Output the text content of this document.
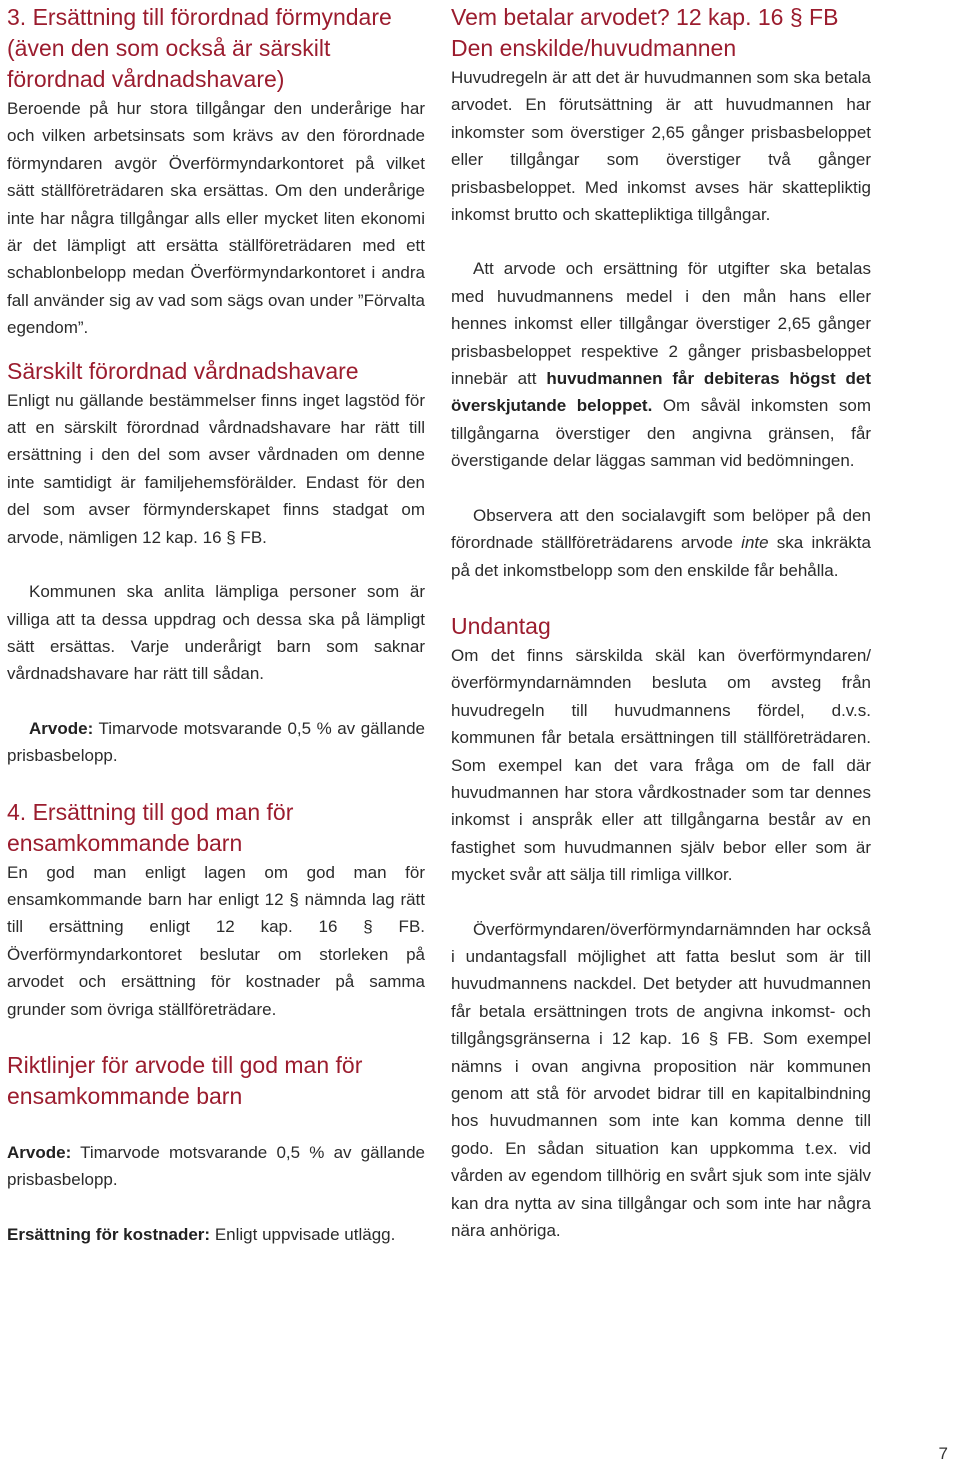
3. Ersättning till förordnad förmyndare (även den som också är särskilt förordnad vårdnadshavare)

Beroende på hur stora tillgångar den underårige har och vilken arbetsinsats som krävs av den förordnade förmyndaren avgör Överförmyndarkontoret på vilket sätt ställföreträdaren ska ersättas. Om den underårige inte har några tillgångar alls eller mycket liten ekonomi är det lämpligt att ersätta ställföreträdaren med ett schablonbelopp medan Överförmyndarkontoret i andra fall använder sig av vad som sägs ovan under ”Förvalta egendom”.

Särskilt förordnad vårdnadshavare

Enligt nu gällande bestämmelser finns inget lagstöd för att en särskilt förordnad vårdnadshavare har rätt till ersättning i den del som avser vårdnaden om denne inte samtidigt är familjehemsförälder. Endast för den del som avser förmynderskapet finns stadgat om arvode, nämligen 12 kap. 16 § FB.

Kommunen ska anlita lämpliga personer som är villiga att ta dessa uppdrag och dessa ska på lämpligt sätt ersättas. Varje underårigt barn som saknar vårdnadshavare har rätt till sådan.

Arvode: Timarvode motsvarande 0,5 % av gällande prisbasbelopp.

4. Ersättning till god man för ensamkommande barn

En god man enligt lagen om god man för ensamkommande barn har enligt 12 § nämnda lag rätt till ersättning enligt 12 kap. 16 § FB. Överförmyndarkontoret beslutar om storleken på arvodet och ersättning för kostnader på samma grunder som övriga ställföreträdare.

Riktlinjer för arvode till god man för ensamkommande barn

Arvode: Timarvode motsvarande 0,5 % av gällande prisbasbelopp.

Ersättning för kostnader: Enligt uppvisade utlägg.

Vem betalar arvodet? 12 kap. 16 § FB
Den enskilde/huvudmannen

Huvudregeln är att det är huvudmannen som ska betala arvodet. En förutsättning är att huvudmannen har inkomster som överstiger 2,65 gånger prisbasbeloppet eller tillgångar som överstiger två gånger prisbasbeloppet. Med inkomst avses här skattepliktig inkomst brutto och skattepliktiga tillgångar.

Att arvode och ersättning för utgifter ska betalas med huvudmannens medel i den mån hans eller hennes inkomst eller tillgångar överstiger 2,65 gånger prisbasbeloppet respektive 2 gånger prisbasbeloppet innebär att huvudmannen får debiteras högst det överskjutande beloppet. Om såväl inkomsten som tillgångarna överstiger den angivna gränsen, får överstigande delar läggas samman vid bedömningen.

Observera att den socialavgift som belöper på den förordnade ställföreträdarens arvode inte ska inkräkta på det inkomstbelopp som den enskilde får behålla.

Undantag

Om det finns särskilda skäl kan överförmyndaren/överförmyndarnämnden besluta om avsteg från huvudregeln till huvudmannens fördel, d.v.s. kommunen får betala ersättningen till ställföreträdaren. Som exempel kan det vara fråga om de fall där huvudmannen har stora vårdkostnader som tar dennes inkomst i anspråk eller att tillgångarna består av en fastighet som huvudmannen själv bebor eller som är mycket svår att sälja till rimliga villkor.

Överförmyndaren/överförmyndarnämnden har också i undantagsfall möjlighet att fatta beslut som är till huvudmannens nackdel. Det betyder att huvudmannen får betala ersättningen trots de angivna inkomst- och tillgångsgränserna i 12 kap. 16 § FB. Som exempel nämns i ovan angivna proposition när kommunen genom att stå för arvodet bidrar till en kapitalbindning hos huvudmannen som inte kan komma denne till godo. En sådan situation kan uppkomma t.ex. vid vården av egendom tillhörig en svårt sjuk som inte själv kan dra nytta av sina tillgångar och som inte har några nära anhöriga.

7
